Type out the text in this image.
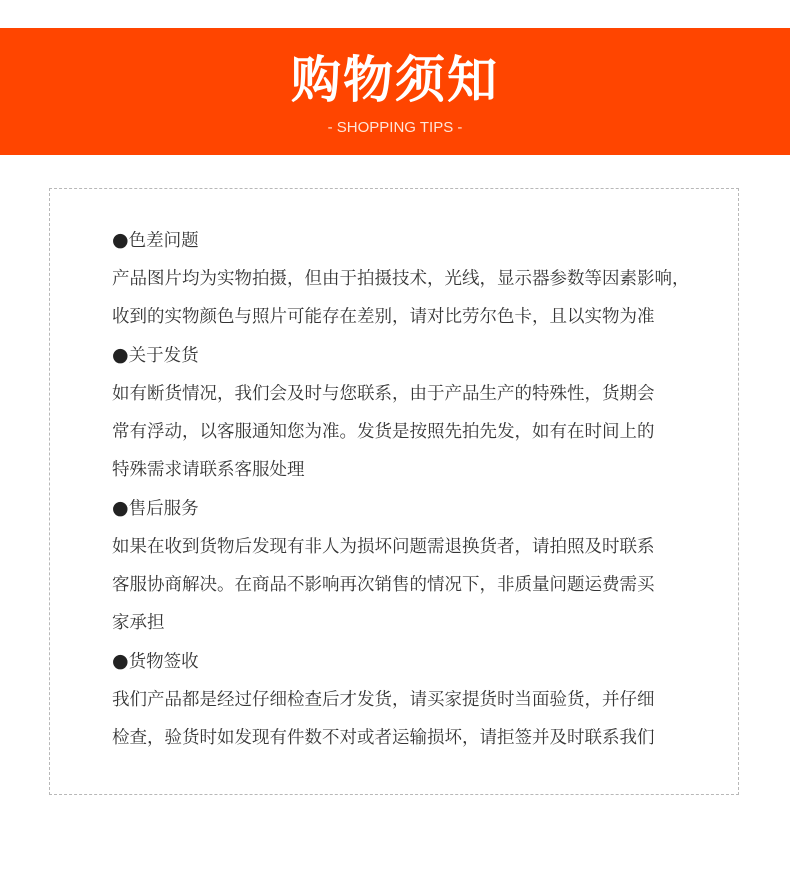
购物须知
- SHOPPING TIPS -
●色差问题
产品图片均为实物拍摄，但由于拍摄技术，光线，显示器参数等因素影响，
收到的实物颜色与照片可能存在差别，请对比劳尔色卡，且以实物为准
●关于发货
如有断货情况，我们会及时与您联系，由于产品生产的特殊性，货期会
常有浮动，以客服通知您为准。发货是按照先拍先发，如有在时间上的
特殊需求请联系客服处理
●售后服务
如果在收到货物后发现有非人为损坏问题需退换货者，请拍照及时联系
客服协商解决。在商品不影响再次销售的情况下，非质量问题运费需买
家承担
●货物签收
我们产品都是经过仔细检查后才发货，请买家提货时当面验货，并仔细
检查，验货时如发现有件数不对或者运输损坏，请拒签并及时联系我们
